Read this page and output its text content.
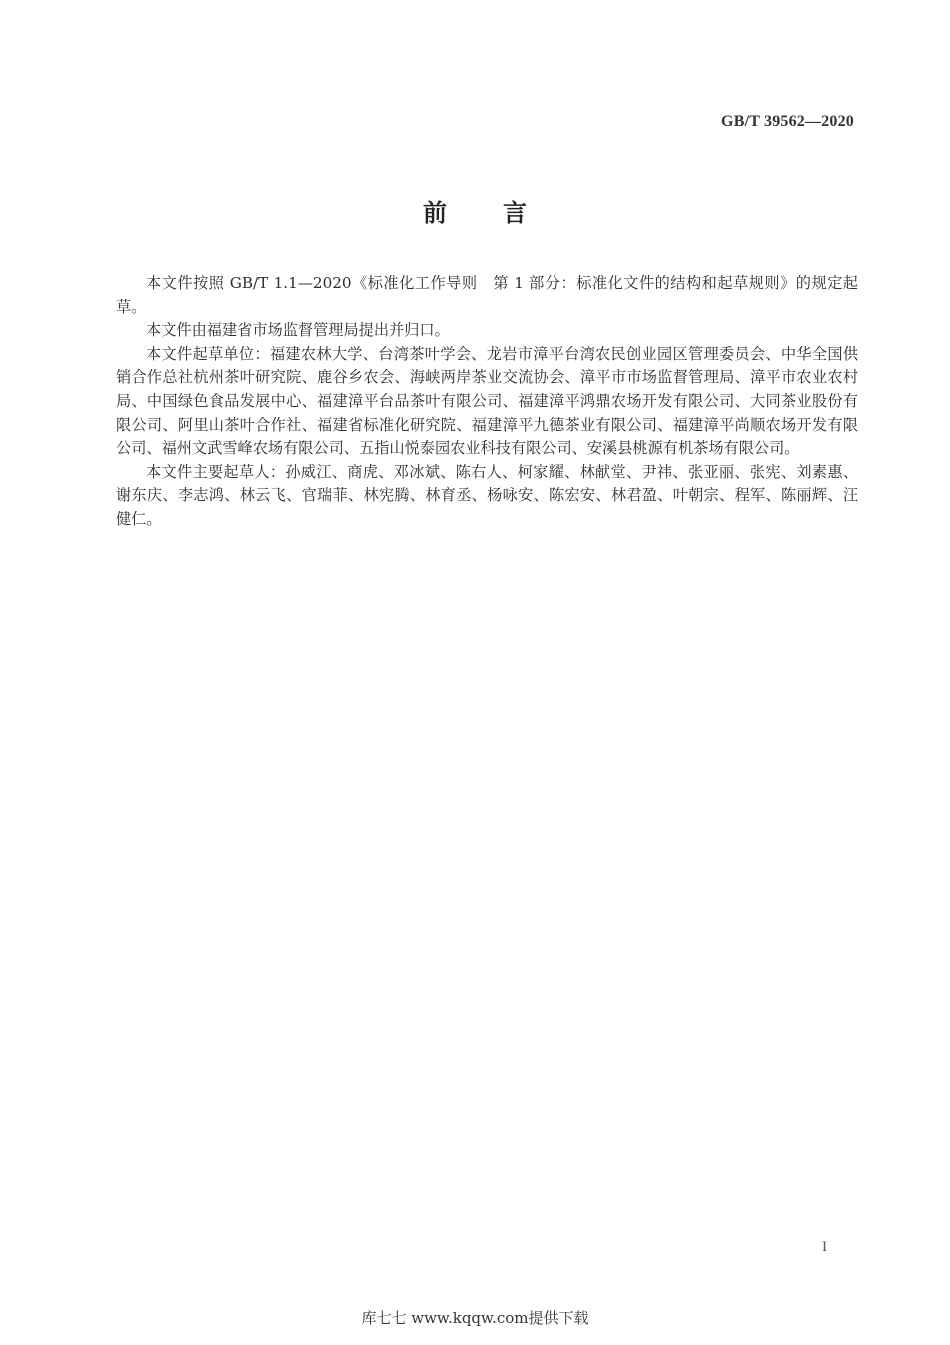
GB/T 39562—2020
前言

本文件按照 GB/T 1.1—2020《标准化工作导则　第 1 部分：标准化文件的结构和起草规则》的规定起草。

本文件由福建省市场监督管理局提出并归口。

本文件起草单位：福建农林大学、台湾茶叶学会、龙岩市漳平台湾农民创业园区管理委员会、中华全国供销合作总社杭州茶叶研究院、鹿谷乡农会、海峡两岸茶业交流协会、漳平市市场监督管理局、漳平市农业农村局、中国绿色食品发展中心、福建漳平台品茶叶有限公司、福建漳平鸿鼎农场开发有限公司、大同茶业股份有限公司、阿里山茶叶合作社、福建省标准化研究院、福建漳平九德茶业有限公司、福建漳平尚顺农场开发有限公司、福州文武雪峰农场有限公司、五指山悦泰园农业科技有限公司、安溪县桃源有机茶场有限公司。

本文件主要起草人：孙威江、商虎、邓冰斌、陈右人、柯家耀、林献堂、尹祎、张亚丽、张宪、刘素惠、谢东庆、李志鸿、林云飞、官瑞菲、林宪腾、林育丞、杨咏安、陈宏安、林君盈、叶朝宗、程军、陈丽辉、汪健仁。

I
库七七 www.kqqw.com提供下载
